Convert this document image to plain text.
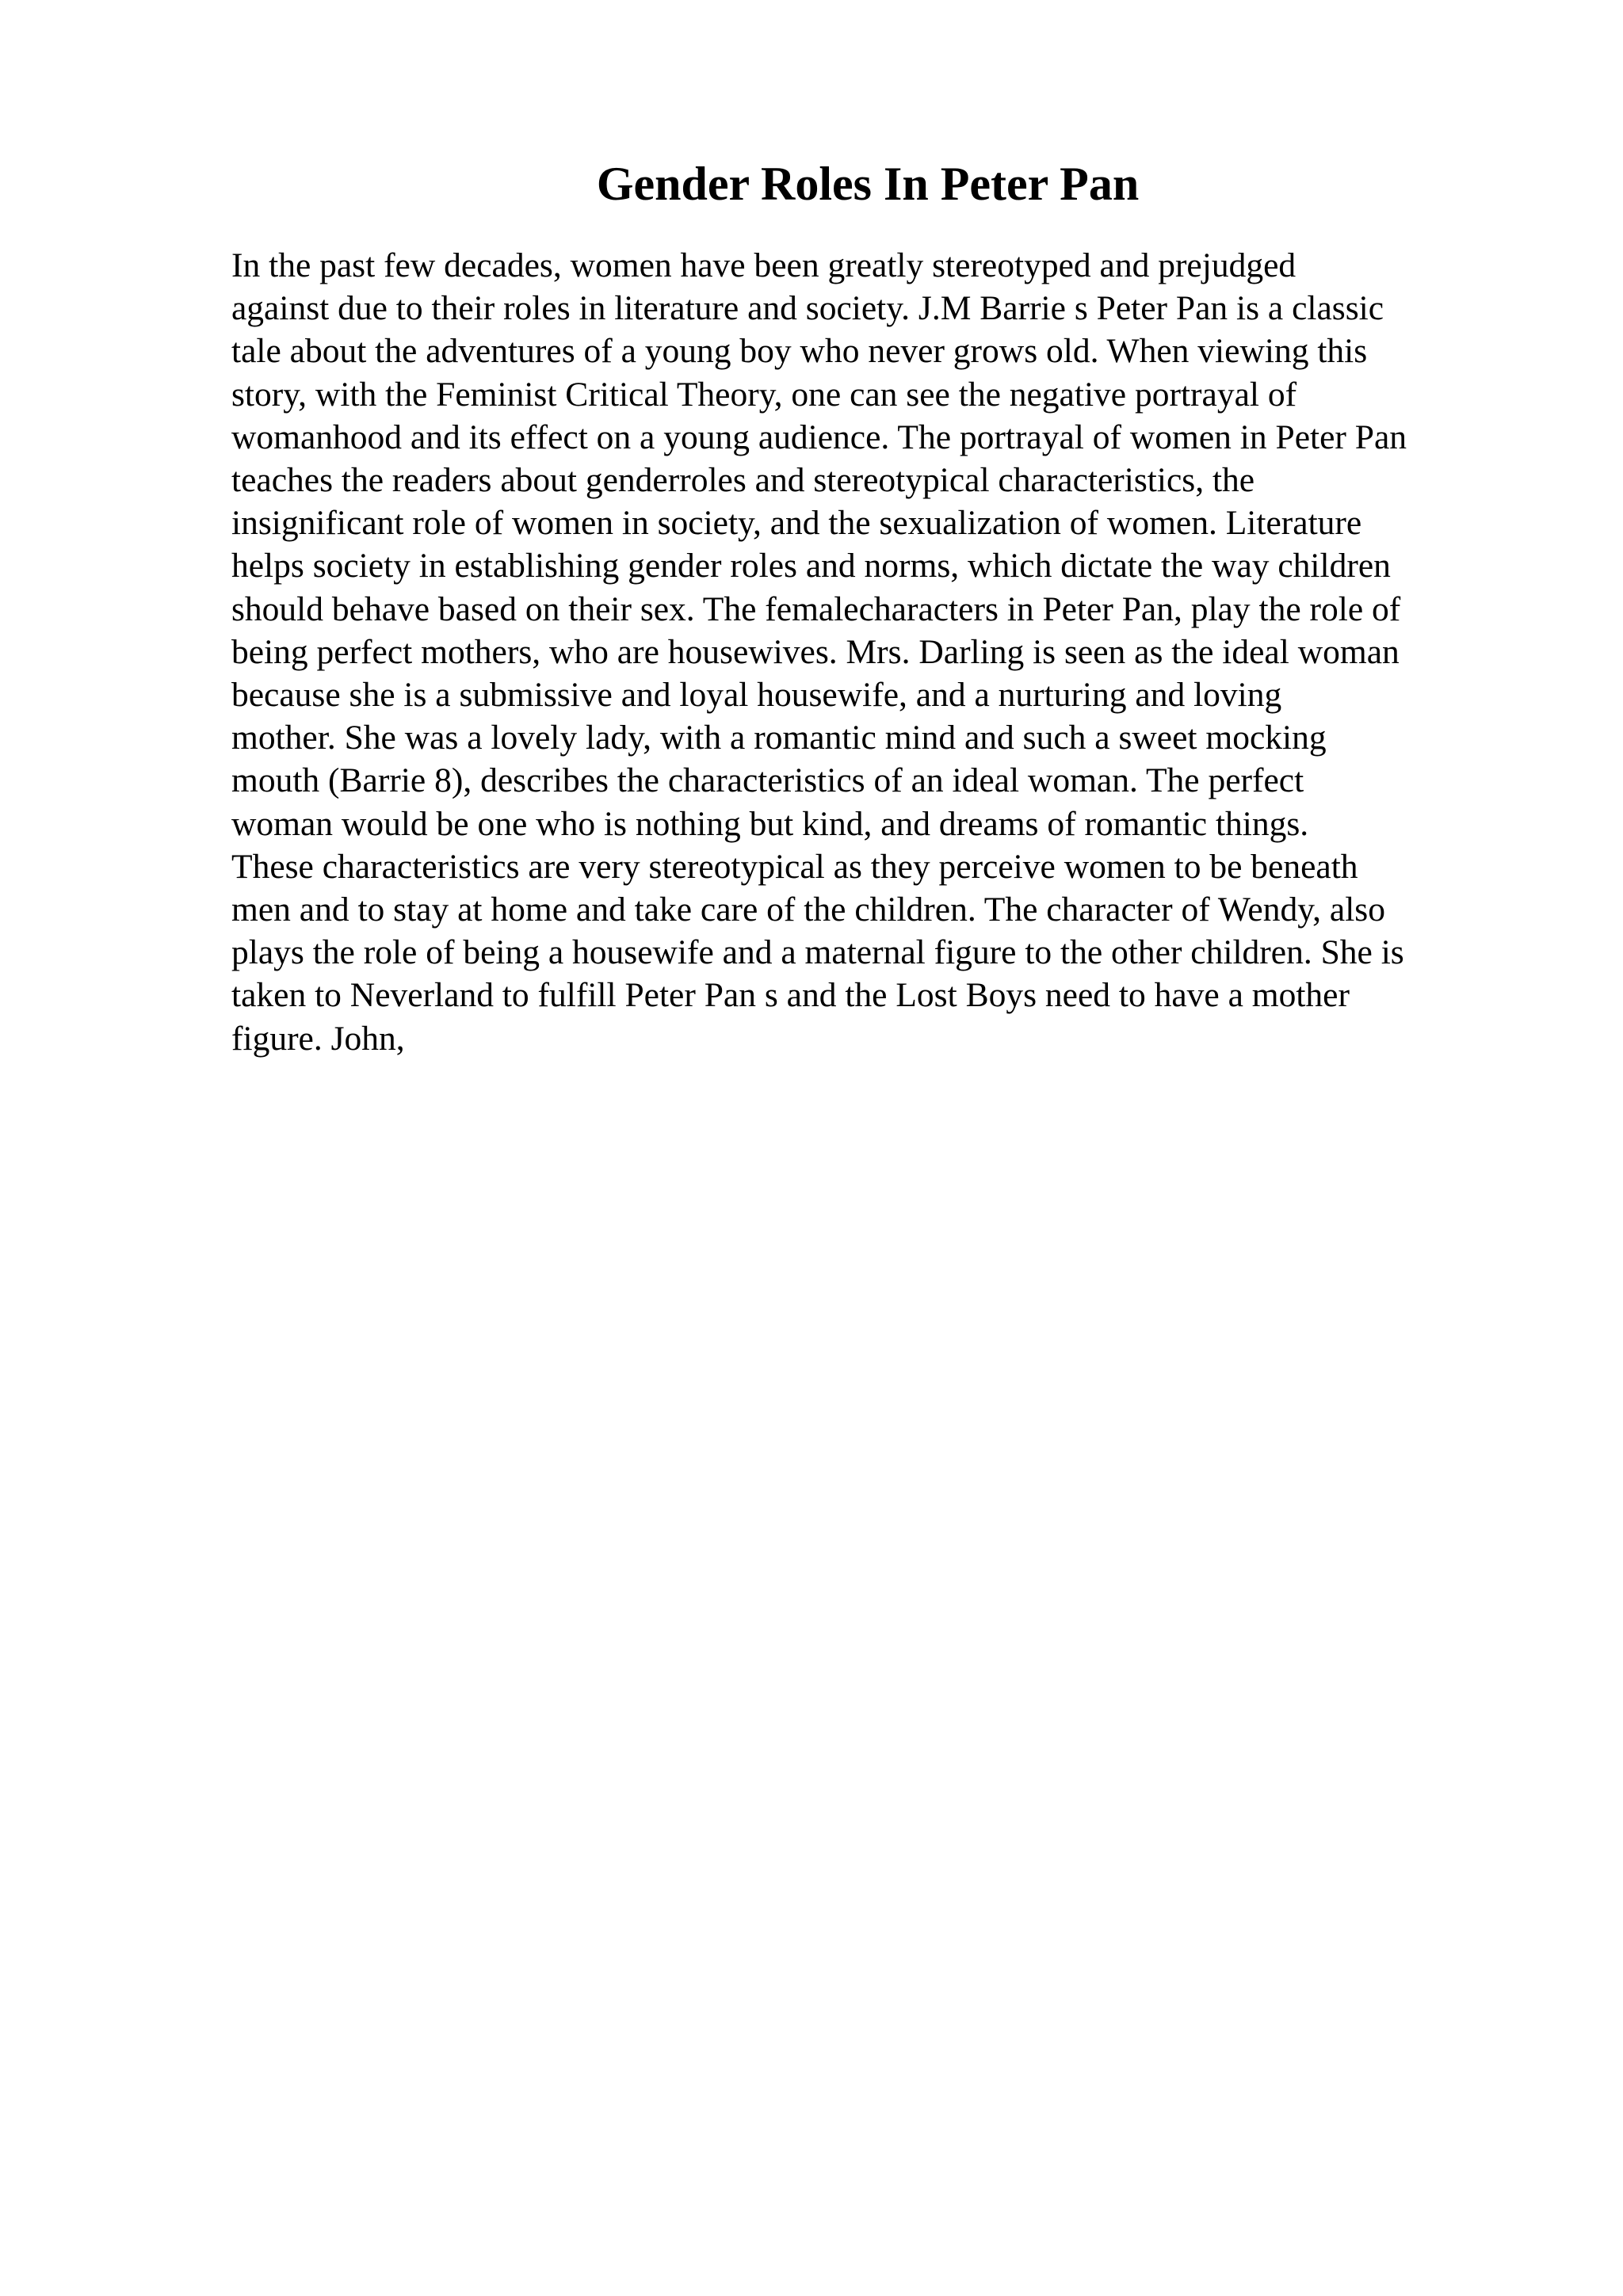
Gender Roles In Peter Pan
In the past few decades, women have been greatly stereotyped and prejudged
against due to their roles in literature and society. J.M Barrie s Peter Pan is a classic
tale about the adventures of a young boy who never grows old. When viewing this
story, with the Feminist Critical Theory, one can see the negative portrayal of
womanhood and its effect on a young audience. The portrayal of women in Peter Pan
teaches the readers about genderroles and stereotypical characteristics, the
insignificant role of women in society, and the sexualization of women. Literature
helps society in establishing gender roles and norms, which dictate the way children
should behave based on their sex. The femalecharacters in Peter Pan, play the role of
being perfect mothers, who are housewives. Mrs. Darling is seen as the ideal woman
because she is a submissive and loyal housewife, and a nurturing and loving
mother. She was a lovely lady, with a romantic mind and such a sweet mocking
mouth (Barrie 8), describes the characteristics of an ideal woman. The perfect
woman would be one who is nothing but kind, and dreams of romantic things.
These characteristics are very stereotypical as they perceive women to be beneath
men and to stay at home and take care of the children. The character of Wendy, also
plays the role of being a housewife and a maternal figure to the other children. She is
taken to Neverland to fulfill Peter Pan s and the Lost Boys need to have a mother
figure. John,
